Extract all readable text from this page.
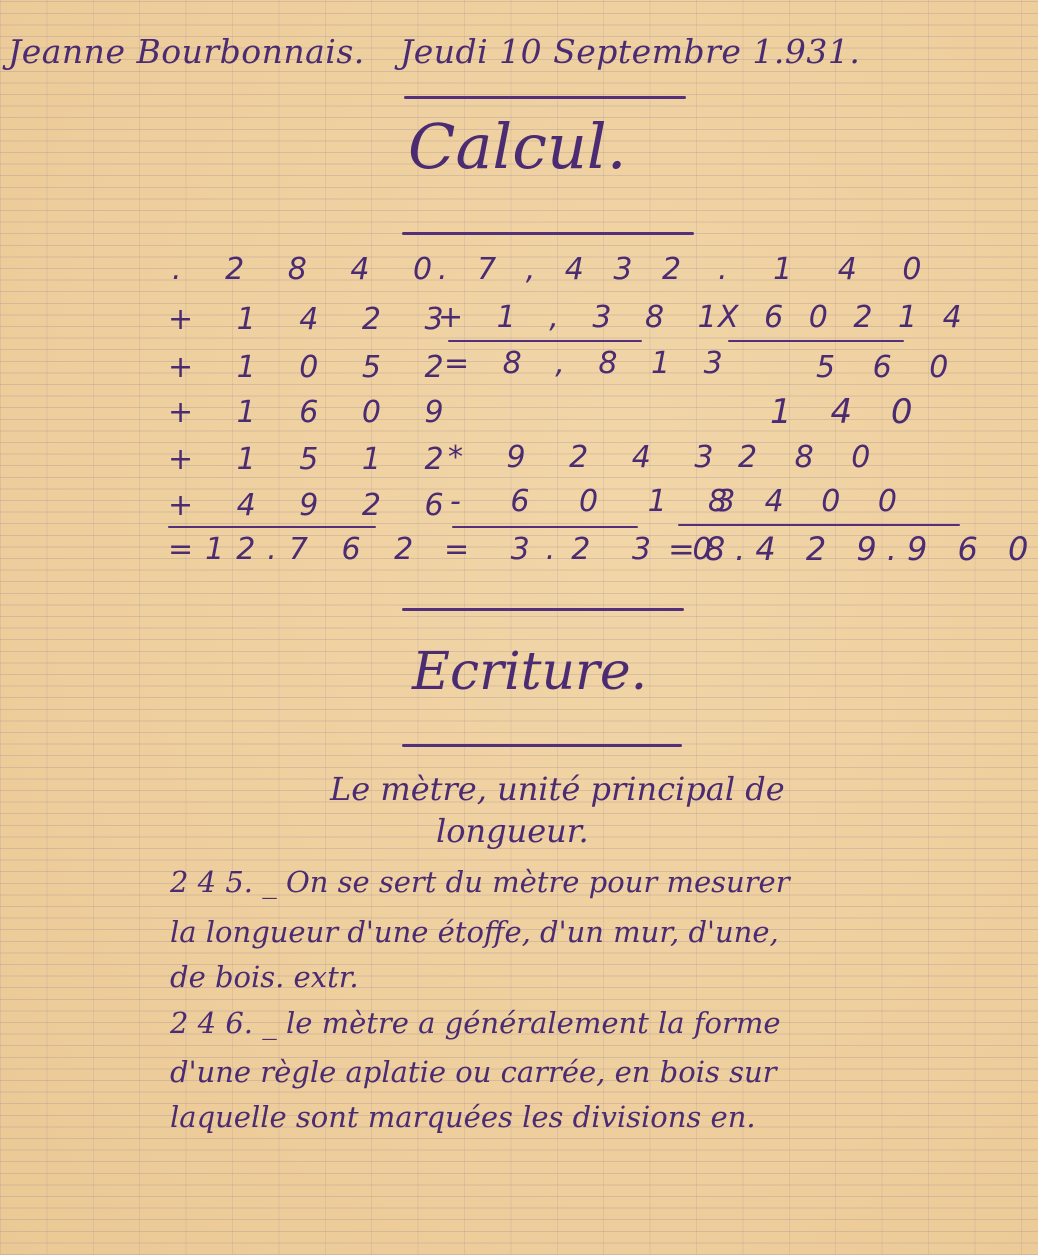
Jeanne Bourbonnais. Jeudi 10 Septembre 1.931.
Calcul.
. 2 8 4 0
+ 1 4 2 3
+ 1 0 5 2
+ 1 6 0 9
+ 1 5 1 2
+ 4 9 2 6
=12.7 6 2
. 7 , 4 3 2
+ 1 , 3 8 1
= 8 , 8 1 3
* 9 2 4 3
- 6 0 1 3
= 3.2 3 0
. 1 4 0
X 6 0 2 1 4
5 6 0
1 4 0
2 8 0
8 4 0 0
=8.4 2 9.9 6 0
Ecriture.
Le mètre, unité principal de
longueur.
2 4 5. _ On se sert du mètre pour mesurer
la longueur d'une étoffe, d'un mur, d'une,
de bois. extr.
2 4 6. _ le mètre a généralement la forme
d'une règle aplatie ou carrée, en bois sur
laquelle sont marquées les divisions en.
